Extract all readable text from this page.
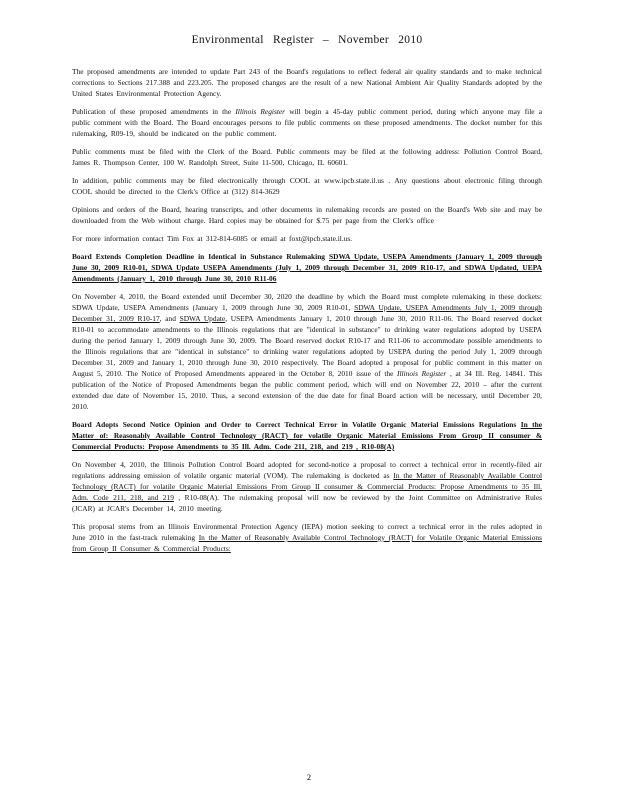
Environmental Register – November 2010

The proposed amendments are intended to update Part 243 of the Board's regulations to reflect federal air quality standards and to make technical corrections to Sections 217.388 and 223.205. The proposed changes are the result of a new National Ambient Air Quality Standards adopted by the United States Environmental Protection Agency.

Publication of these proposed amendments in the Illinois Register will begin a 45-day public comment period, during which anyone may file a public comment with the Board. The Board encourages persons to file public comments on these proposed amendments. The docket number for this rulemaking, R09-19, should be indicated on the public comment.

Public comments must be filed with the Clerk of the Board. Public comments may be filed at the following address: Pollution Control Board, James R. Thompson Center, 100 W. Randolph Street, Suite 11-500, Chicago, IL 60601.

In addition, public comments may be filed electronically through COOL at www.ipcb.state.il.us . Any questions about electronic filing through COOL should be directed to the Clerk's Office at (312) 814-3629

Opinions and orders of the Board, hearing transcripts, and other documents in rulemaking records are posted on the Board's Web site and may be downloaded from the Web without charge. Hard copies may be obtained for $.75 per page from the Clerk's office

For more information contact Tim Fox at 312-814-6085 or email at foxt@ipcb.state.il.us.

Board Extends Completion Deadline in Identical in Substance Rulemaking SDWA Update, USEPA Amendments (January 1, 2009 through June 30, 2009 R10-01, SDWA Update USEPA Amendments (July 1, 2009 through December 31, 2009 R10-17, and SDWA Updated, UEPA Amendments (January 1, 2010 through June 30, 2010 R11-06

On November 4, 2010, the Board extended until December 30, 2020 the deadline by which the Board must complete rulemaking in these dockets: SDWA Update, USEPA Amendments (January 1, 2009 through June 30, 2009 R10-01, SDWA Update, USEPA Amendments July 1, 2009 through December 31, 2009 R10-17, and SDWA Update, USEPA Amendments January 1, 2010 through June 30, 2010 R11-06. The Board reserved docket R10-01 to accommodate amendments to the Illinois regulations that are "identical in substance" to drinking water regulations adopted by USEPA during the period January 1, 2009 through June 30, 2009. The Board reserved docket R10-17 and R11-06 to accommodate possible amendments to the Illinois regulations that are "identical in substance" to drinking water regulations adopted by USEPA during the period July 1, 2009 through December 31, 2009 and January 1, 2010 through June 30, 2010 respectively. The Board adopted a proposal for public comment in this matter on August 5, 2010. The Notice of Proposed Amendments appeared in the October 8, 2010 issue of the Illinois Register , at 34 Ill. Reg. 14841. This publication of the Notice of Proposed Amendments began the public comment period, which will end on November 22, 2010 – after the current extended due date of November 15, 2010. Thus, a second extension of the due date for final Board action will be necessary, until December 20, 2010.

Board Adopts Second Notice Opinion and Order to Correct Technical Error in Volatile Organic Material Emissions Regulations In the Matter of: Reasonably Available Control Technology (RACT) for volatile Organic Material Emissions From Group II consumer & Commercial Products: Propose Amendments to 35 Ill. Adm. Code 211, 218, and 219 , R10-08(A)

On November 4, 2010, the Illinois Pollution Control Board adopted for second-notice a proposal to correct a technical error in recently-filed air regulations addressing emission of volatile organic material (VOM). The rulemaking is docketed as In the Matter of Reasonably Available Control Technology (RACT) for volatile Organic Material Emissions From Group II consumer & Commercial Products: Propose Amendments to 35 Ill. Adm. Code 211, 218, and 219 , R10-08(A). The rulemaking proposal will now be reviewed by the Joint Committee on Administrative Rules (JCAR) at JCAR's December 14, 2010 meeting.

This proposal stems from an Illinois Environmental Protection Agency (IEPA) motion seeking to correct a technical error in the rules adopted in June 2010 in the fast-track rulemaking In the Matter of Reasonably Available Control Technology (RACT) for Volatile Organic Material Emissions from Group II Consumer & Commercial Products:

2
